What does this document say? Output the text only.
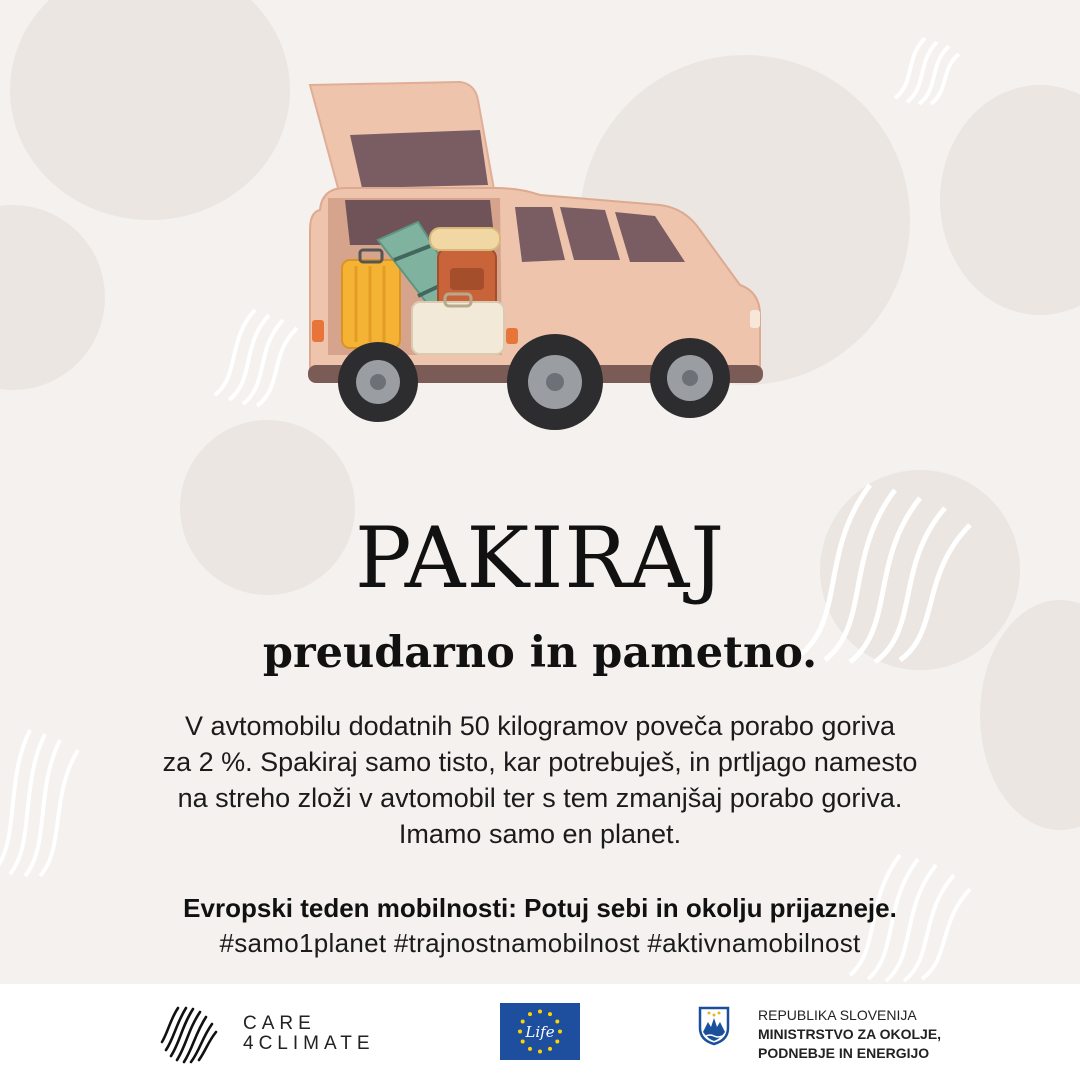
PAKIRAJ
preudarno in pametno.

V avtomobilu dodatnih 50 kilogramov poveča porabo goriva
za 2 %. Spakiraj samo tisto, kar potrebuješ, in prtljago namesto
na streho zloži v avtomobil ter s tem zmanjšaj porabo goriva.
Imamo samo en planet.

Evropski teden mobilnosti: Potuj sebi in okolju prijazneje.

#samo1planet #trajnostnamobilnost #aktivnamobilnost

CARE
4CLIMATE
Life
REPUBLIKA SLOVENIJA
MINISTRSTVO ZA OKOLJE,
PODNEBJE IN ENERGIJO
